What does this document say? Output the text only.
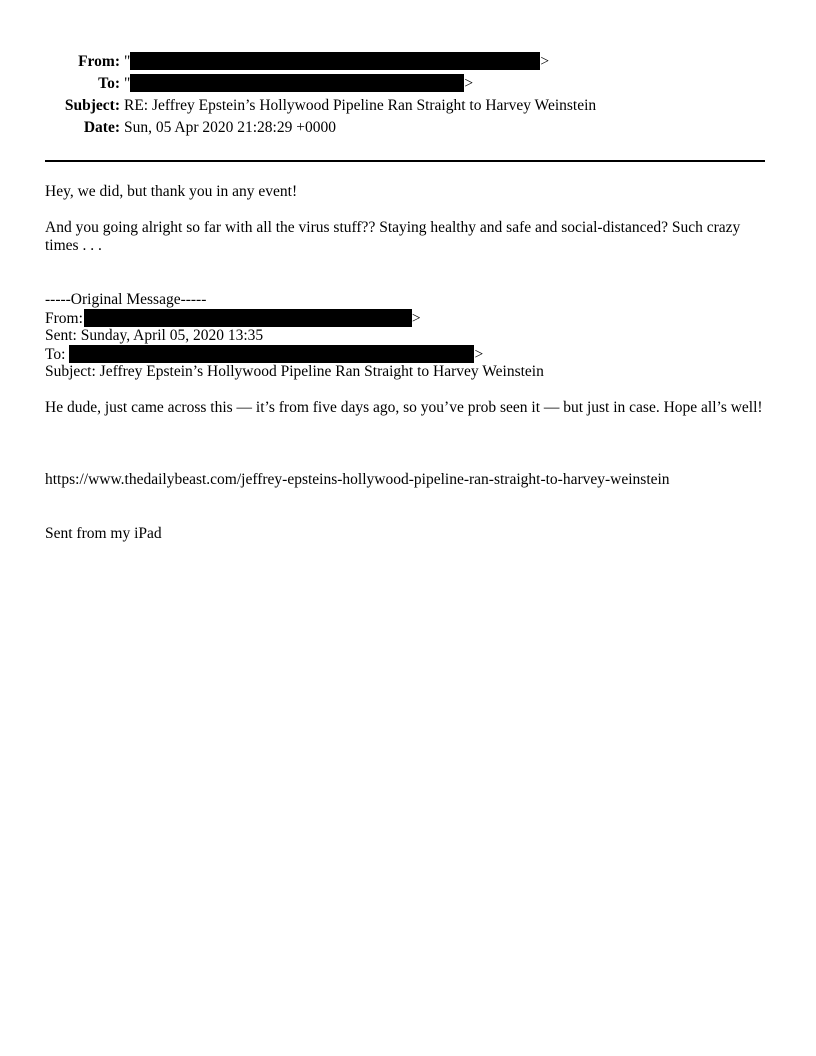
From: "	>
To: "	>
Subject: RE: Jeffrey Epstein’s Hollywood Pipeline Ran Straight to Harvey Weinstein
Date: Sun, 05 Apr 2020 21:28:29 +0000
Hey, we did, but thank you in any event!
And you going alright so far with all the virus stuff?? Staying healthy and safe and social-distanced? Such crazy times . . .
-----Original Message-----
From:	>
Sent: Sunday, April 05, 2020 13:35
To:	>
Subject: Jeffrey Epstein’s Hollywood Pipeline Ran Straight to Harvey Weinstein
He dude, just came across this — it’s from five days ago, so you’ve prob seen it — but just in case. Hope all’s well!
https://www.thedailybeast.com/jeffrey-epsteins-hollywood-pipeline-ran-straight-to-harvey-weinstein
Sent from my iPad
